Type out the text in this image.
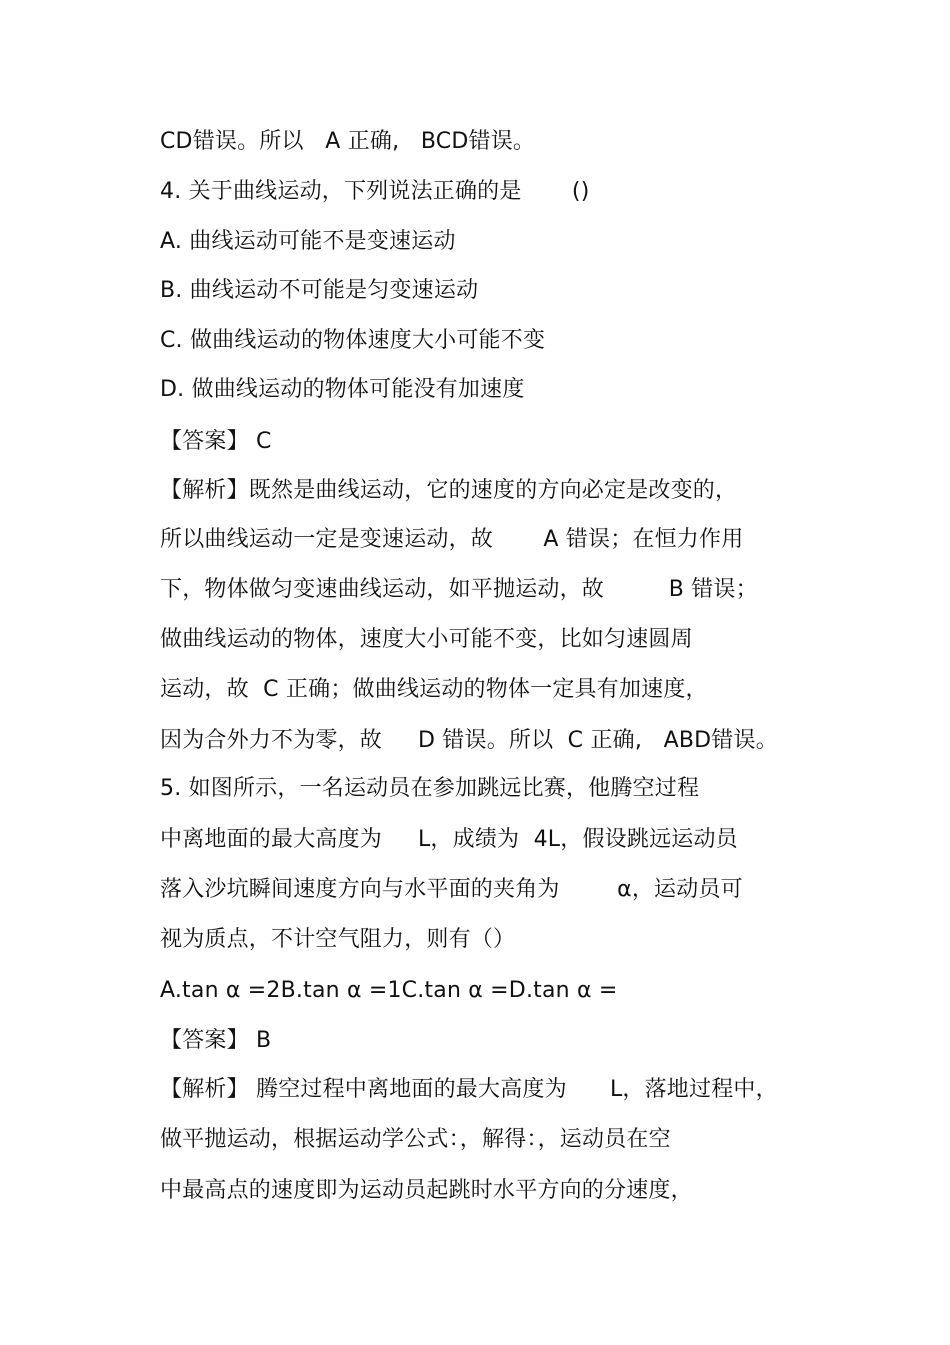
CD错误。所以   A 正确,   BCD错误。
4. 关于曲线运动，下列说法正确的是       ()
A. 曲线运动可能不是变速运动
B. 曲线运动不可能是匀变速运动
C. 做曲线运动的物体速度大小可能不变
D. 做曲线运动的物体可能没有加速度
【答案】 C
【解析】既然是曲线运动，它的速度的方向必定是改变的，
所以曲线运动一定是变速运动，故       A 错误；在恒力作用
下，物体做匀变速曲线运动，如平抛运动，故         B 错误；
做曲线运动的物体，速度大小可能不变，比如匀速圆周
运动，故  C 正确；做曲线运动的物体一定具有加速度，
因为合外力不为零，故     D 错误。所以  C 正确,   ABD错误。
5. 如图所示，一名运动员在参加跳远比赛，他腾空过程
中离地面的最大高度为     L，成绩为  4L，假设跳远运动员
落入沙坑瞬间速度方向与水平面的夹角为        α，运动员可
视为质点，不计空气阻力，则有（）
A.tan α =2B.tan α =1C.tan α =D.tan α =
【答案】 B
【解析】 腾空过程中离地面的最大高度为      L，落地过程中，
做平抛运动，根据运动学公式：，解得：，运动员在空
中最高点的速度即为运动员起跳时水平方向的分速度，
